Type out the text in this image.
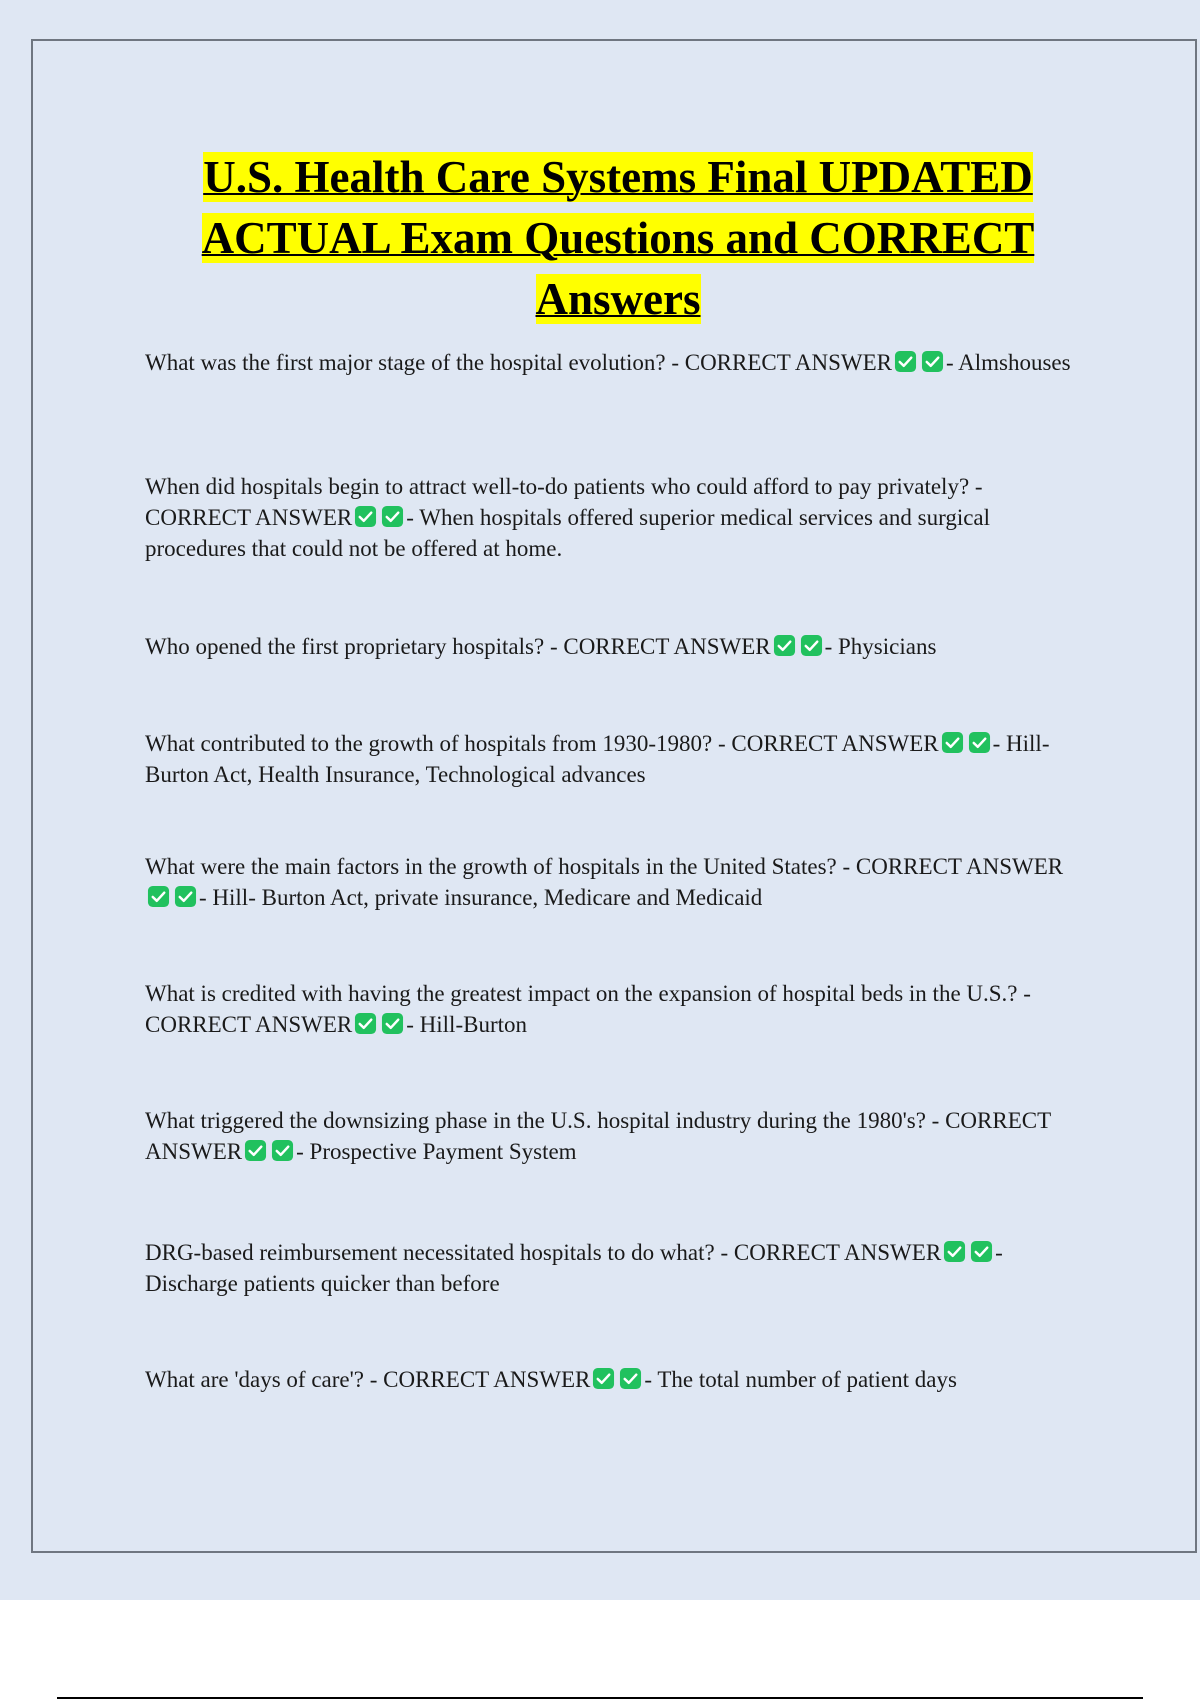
U.S. Health Care Systems Final UPDATED ACTUAL Exam Questions and CORRECT Answers

What was the first major stage of the hospital evolution? - CORRECT ANSWER - Almshouses

When did hospitals begin to attract well-to-do patients who could afford to pay privately? - CORRECT ANSWER - When hospitals offered superior medical services and surgical procedures that could not be offered at home.

Who opened the first proprietary hospitals? - CORRECT ANSWER - Physicians

What contributed to the growth of hospitals from 1930-1980? - CORRECT ANSWER - Hill-Burton Act, Health Insurance, Technological advances

What were the main factors in the growth of hospitals in the United States? - CORRECT ANSWER
- Hill- Burton Act, private insurance, Medicare and Medicaid

What is credited with having the greatest impact on the expansion of hospital beds in the U.S.? - CORRECT ANSWER - Hill-Burton

What triggered the downsizing phase in the U.S. hospital industry during the 1980's? - CORRECT ANSWER - Prospective Payment System

DRG-based reimbursement necessitated hospitals to do what? - CORRECT ANSWER - Discharge patients quicker than before

What are 'days of care'? - CORRECT ANSWER - The total number of patient days
